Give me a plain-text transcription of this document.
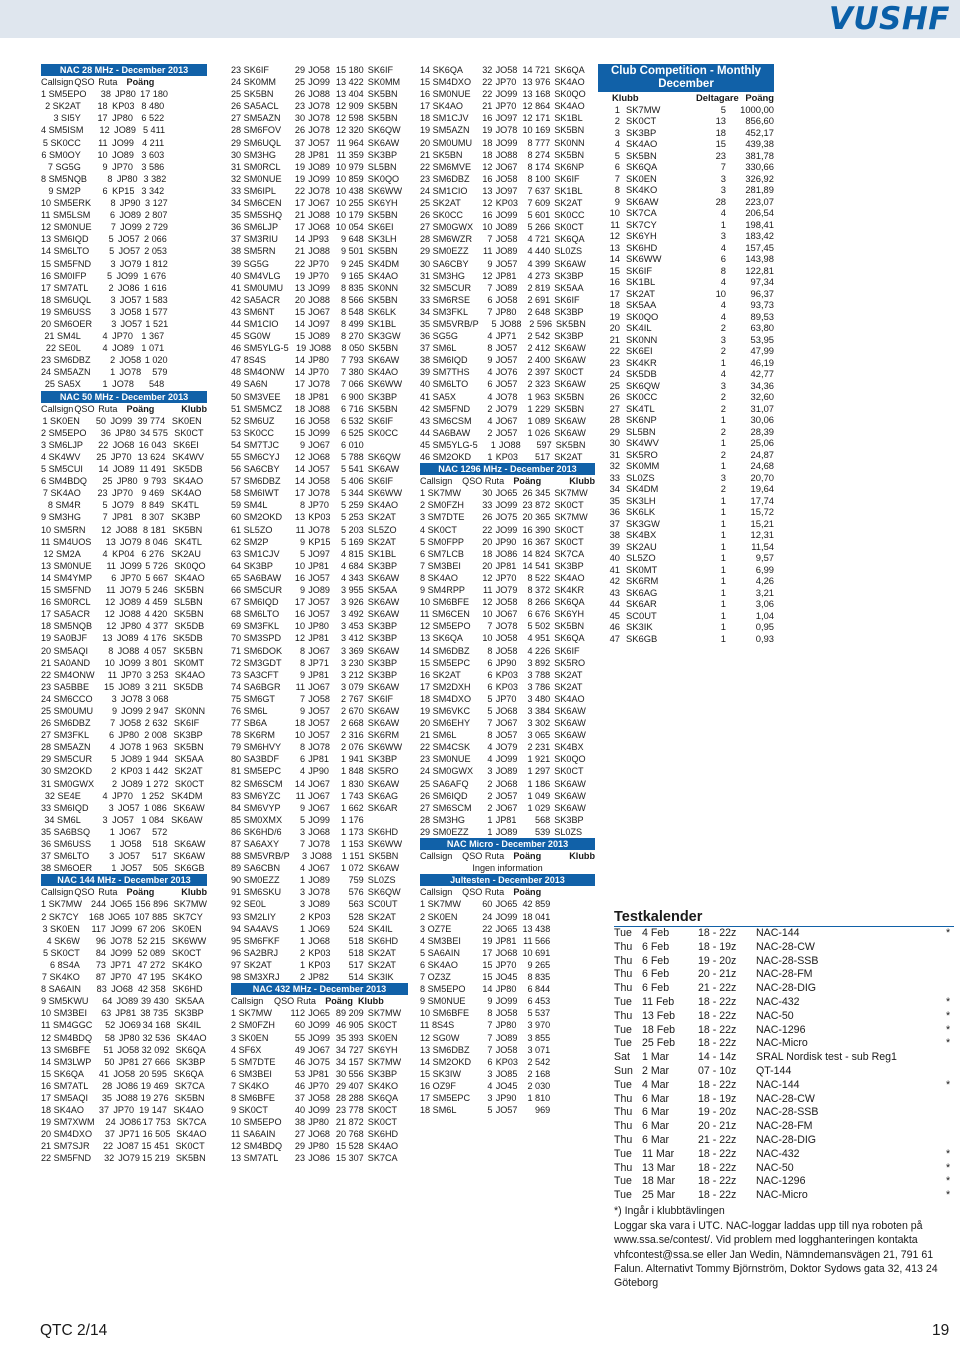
VUSHF
NAC 28 MHz - December 2013
Callsign QSO Ruta	Poäng
1 SM5EPO	38 JP80 17 180
2 SK2AT	18 KP03 8 480
3 SI5Y	17 JP80 6 522
4 SM5ISM	12 JO89 5 411
5 SK0CC	11 JO99 4 211
6 SM0OY	10 JO89 3 603
7 SG5G	9 JP70 3 586
8 SM5NQB	8 JP80 3 382
9 SM2P	6 KP15 3 342
10 SM5ERK	8 JP90 3 127
11 SM5LSM	6 JO89 2 807
12 SM0NUE	7 JO99 2 729
13 SM6IQD	5 JO57 2 066
14 SM6LTO	5 JO57 2 053
15 SM5FND	3 JO79 1 812
16 SM0IFP	5 JO99 1 676
17 SM7ATL	2 JO86 1 616
18 SM6UQL	3 JO57 1 583
19 SM6USS	3 JO58 1 577
20 SM6OER	3 JO57 1 521
21 SM4L	4 JP70 1 367
22 SE0L	4 JO89 1 071
23 SM6DBZ	2 JO58 1 020
24 SM5AZN	1 JO78	579
25 SA5X	1 JO78	548
NAC 50 MHz - December 2013
Callsign QSO Ruta	Poäng	Klubb
1 SK0EN	50 JO99 39 774 SK0EN
2 SM5EPO	36 JP80 34 575 SK0CT
3 SM6LJP	22 JO68 16 043 SK6EI
4 SK4WV	25 JP70 13 624 SK4WV
5 SM5CUI	14 JO89 11 491 SK5DB
6 SM4BDQ	25 JP80 9 793 SK4AO
7 SK4AO	23 JP70 9 469 SK4AO
8 SM4R	5 JO79 8 849 SK4TL
9 SM3HG	7 JP81 8 307 SK3BP
10 SM5RN	12 JO88 8 181 SK5BN
11 SM4UOS	13 JO79 8 046 SK4TL
12 SM2A	4 KP04 6 276 SK2AU
13 SM0NUE	11 JO99 5 726 SK0QO
14 SM4YMP	6 JP70 5 667 SK4AO
15 SM5FND	11 JO79 5 246 SK5BN
16 SM0RCL	12 JO89 4 459 SL5BN
17 SA5ACR	12 JO88 4 420 SK5BN
18 SM5NQB	12 JP80 4 377 SK5DB
19 SA0BJF	13 JO89 4 176 SK5DB
20 SM5AQI	8 JO88 4 057 SK5BN
21 SA0AND	10 JO99 3 801 SK0MT
22 SM4ONW	11 JP70 3 253 SK4AO
23 SA5BBE	15 JO89 3 211 SK5DB
24 SM6CCO	3 JO78 3 068
25 SM0UMU	9 JO99 2 947 SK0NN
26 SM6DBZ	7 JO58 2 632 SK6IF
27 SM3FKL	6 JP80 2 008 SK3BP
28 SM5AZN	4 JO78 1 963 SK5BN
29 SM5CUR	5 JO89 1 944 SK5AA
30 SM2OKD	2 KP03 1 442 SK2AT
31 SM0GWX	2 JO89 1 272 SK0CT
32 SE4E	4 JP70 1 252 SK4DM
33 SM6IQD	3 JO57 1 086 SK6AW
34 SM6L	3 JO57 1 084 SK6AW
35 SA6BSQ	1 JO67	572
36 SM6USS	1 JO58	518 SK6AW
37 SM6LTO	3 JO57	517 SK6AW
38 SM6OER	1 JO57	505 SK6GB
NAC 144 MHz - December 2013
Callsign QSO Ruta	Poäng	Klubb
1 SK7MW	244 JO65 156 896 SK7MW
2 SK7CY	168 JO65 107 885 SK7CY
3 SK0EN	117 JO99 67 206 SK0EN
4 SK6W	96 JO78 52 215 SK6WW
5 SK0CT	84 JO99 52 089 SK0CT
6 8S4A	73 JP71 47 272 SK4KO
7 SK4KO	87 JP70 47 195 SK4KO
8 SA6AIN	83 JO68 42 358 SK6HD
9 SM5KWU	64 JO89 39 430 SK5AA
10 SM3BEI	63 JP81 38 735 SK3BP
11 SM4GGC	52 JO69 34 168 SK4IL
12 SM4BDQ	58 JP80 32 536 SK4AO
13 SM6BFE	51 JO58 32 092 SK6QA
14 SM3LWP	50 JP81 27 666 SK3BP
15 SK6QA	41 JO58 20 595 SK6QA
16 SM7ATL	28 JO86 19 469 SK7CA
17 SM5AQI	35 JO88 19 276 SK5BN
18 SK4AO	37 JP70 19 147 SK4AO
19 SM7XWM	24 JO86 17 753 SK7CA
20 SM4DXO	37 JP71 16 505 SK4AO
21 SM7SJR	22 JO87 15 451 SK0CT
22 SM5FND	32 JO79 15 219 SK5BN
23 SK6IF	29 JO58 15 180 SK6IF
24 SK0MM	25 JO99 13 422 SK0MM
25 SK5BN	26 JO88 13 404 SK5BN
26 SA5ACL	23 JO78 12 909 SK5BN
27 SM5AZN	30 JO78 12 598 SK5BN
28 SM6FOV	26 JO78 12 320 SK6QW
29 SM6UQL	37 JO57 11 964 SK6AW
30 SM3HG	28 JP81 11 359 SK3BP
31 SM0RCL	19 JO89 10 979 SL5BN
32 SM0NUE	19 JO99 10 859 SK0QO
33 SM6IPL	22 JO78 10 438 SK6WW
34 SM6CEN	17 JO67 10 255 SK6YH
35 SM5SHQ	21 JO88 10 179 SK5BN
36 SM6LJP	17 JO68 10 054 SK6EI
37 SM3RIU	14 JP93	9 648 SK3LH
38 SM5RN	21 JO88	9 501 SK5BN
39 SG5G	22 JP70	9 245 SK4DM
40 SM4VLG	19 JP70	9 165 SK4AO
41 SM0UMU	13 JO99	8 835 SK0NN
42 SA5ACR	20 JO88	8 566 SK5BN
43 SM6NT	15 JO67	8 548 SK6LK
44 SM1CIO	14 JO97	8 499 SK1BL
45 SG0W	15 JO89	8 270 SK3GW
46 SM5YLG-5 19 JO88	8 050 SK5BN
47 8S4S	14 JP80	7 793 SK6AW
48 SM4ONW	14 JP70	7 380 SK4AO
49 SA6N	17 JO78	7 066 SK6WW
50 SM3VEE	18 JP81	6 900 SK3BP
51 SM5MCZ	18 JO88	6 716 SK5BN
52 SM6UZ	16 JO58	6 532 SK6IF
53 SK0CC	15 JO99	6 525 SK0CC
54 SM7TJC	9 JO67	6 010
55 SM6CYJ	12 JO68	5 788 SK6QW
56 SA6CBY	14 JO57	5 541 SK6AW
57 SM6DBZ	14 JO58	5 406 SK6IF
58 SM6IWT	17 JO78	5 344 SK6WW
59 SM4L	8 JP70	5 259 SK4AO
60 SM2OKD	13 KP03	5 253 SK2AT
61 SL5ZO	11 JO78	5 203 SL5ZO
62 SM2P	9 KP15	5 169 SK2AT
63 SM1CJV	5 JO97	4 815 SK1BL
64 SK3BP	10 JP81	4 684 SK3BP
65 SA6BAW	16 JO57	4 343 SK6AW
66 SM5CUR	9 JO89	3 955 SK5AA
67 SM6IQD	17 JO57	3 926 SK6AW
68 SM6LTO	16 JO57	3 492 SK6AW
69 SM3FKL	10 JP80	3 453 SK3BP
70 SM3SPD	12 JP81	3 412 SK3BP
71 SM6DOK	8 JO67	3 369 SK6AW
72 SM3GDT	8 JP71	3 230 SK3BP
73 SA3CFT	9 JP81	3 212 SK3BP
74 SA6BGR	11 JO67	3 079 SK6AW
75 SM6GT	7 JO58	2 767 SK6IF
76 SM6L	9 JO57	2 670 SK6AW
77 SB6A	18 JO57	2 668 SK6AW
78 SK6RM	10 JO57	2 316 SK6RM
79 SM6HVY	8 JO78	2 076 SK6WW
80 SA3BDF	6 JP81	1 941 SK3BP
81 SM5EPC	4 JP90	1 848 SK5RO
82 SM6SCM	14 JO67	1 830 SK6AW
83 SM6YZC	11 JO67	1 743 SK6AG
84 SM6VYP	9 JO67	1 662 SK6AR
85 SM0XMX	5 JO99	1 176
86 SK6HD/6	3 JO68	1 173 SK6HD
87 SA6AXY	7 JO78	1 153 SK6WW
88 SM5VRB/P	3 JO88	1 151 SK5BN
89 SA6CBN	4 JO67	1 072 SK6AW
90 SM0EZZ	1 JO89	759 SL0ZS
91 SM6SKU	3 JO78	576 SK6QW
92 SE0L	3 JO89	563 SC0UT
93 SM2LIY	2 KP03	528 SK2AT
94 SA4AVS	1 JO69	524 SK4IL
95 SM6FKF	1 JO68	518 SK6HD
96 SA2BRJ	2 KP03	518 SK2AT
97 SK2AT	1 KP03	517 SK2AT
98 SM3XRJ	2 JP82	514 SK3IK
NAC 432 MHz - December 2013
Callsign	QSO Ruta	Poäng Klubb
1 SK7MW	112 JO65 89 209 SK7MW
2 SM0FZH	60 JO99 46 905 SK0CT
3 SK0EN	55 JO99 35 393 SK0EN
4 SF6X	49 JO67 34 727 SK6YH
5 SM7DTE	46 JO75 34 157 SK7MW
6 SM3BEI	53 JP81 30 556 SK3BP
7 SK4KO	46 JP70 29 407 SK4KO
8 SM6BFE	37 JO58 28 288 SK6QA
9 SK0CT	40 JO99 23 778 SK0CT
10 SM5EPO	38 JP80 21 872 SK0CT
11 SA6AIN	27 JO68 20 768 SK6HD
12 SM4BDQ	29 JP80 15 528 SK4AO
13 SM7ATL	23 JO86 15 307 SK7CA
14 SK6QA	32 JO58 14 721 SK6QA
15 SM4DXO	22 JP70 13 976 SK4AO
16 SM0NUE	22 JO99 13 168 SK0QO
17 SK4AO	21 JP70 12 864 SK4AO
18 SM1CJV	16 JO97 12 171 SK1BL
19 SM5AZN	19 JO78 10 169 SK5BN
20 SM0UMU	18 JO99	8 777 SK0NN
21 SK5BN	18 JO88	8 274 SK5BN
22 SM6MVE	12 JO67	8 174 SK6NP
23 SM6DBZ	16 JO58	8 100 SK6IF
24 SM1CIO	13 JO97	7 637 SK1BL
25 SK2AT	12 KP03	7 609 SK2AT
26 SK0CC	16 JO99	5 601 SK0CC
27 SM0GWX	10 JO89	5 266 SK0CT
28 SM6WZR	7 JO58	4 721 SK6QA
29 SM0EZZ	11 JO89	4 440 SL0ZS
30 SA6CBY	9 JO57	4 399 SK6AW
31 SM3HG	12 JP81	4 273 SK3BP
32 SM5CUR	7 JO89	2 819 SK5AA
33 SM6RSE	6 JO58	2 691 SK6IF
34 SM3FKL	7 JP80	2 648 SK3BP
35 SM5VRB/P	5 JO88 2 596 SK5BN
36 SG5G	4 JP71	2 542 SK3BP
37 SM6L	8 JO57	2 412 SK6AW
38 SM6IQD	9 JO57	2 400 SK6AW
39 SM7THS	4 JO76	2 397 SK0CT
40 SM6LTO	6 JO57	2 323 SK6AW
41 SA5X	4 JO78	1 963 SK5BN
42 SM5FND	2 JO79	1 229 SK5BN
43 SM6CSM	4 JO67	1 089 SK6AW
44 SA6BAW	2 JO57	1 026 SK6AW
45 SM5YLG-5	1 JO88	597 SK5BN
46 SM2OKD	1 KP03	517 SK2AT
NAC 1296 MHz - December 2013
Callsign	QSO Ruta	Poäng	Klubb
1 SK7MW	30 JO65 26 345 SK7MW
2 SM0FZH	33 JO99 23 872 SK0CT
3 SM7DTE	26 JO75 20 365 SK7MW
4 SK0CT	22 JO99 16 390 SK0CT
5 SM0FPP	20 JP90 16 367 SK0CT
6 SM7LCB	18 JO86 14 824 SK7CA
7 SM3BEI	20 JP81 14 541 SK3BP
8 SK4AO	12 JP70	8 522 SK4AO
9 SM4RPP	11 JO79	8 372 SK4KR
10 SM6BFE	12 JO58	8 266 SK6QA
11 SM6CEN	10 JO67	6 676 SK6YH
12 SM5EPO	7 JO78	5 502 SK5BN
13 SK6QA	10 JO58	4 951 SK6QA
14 SM6DBZ	8 JO58	4 226 SK6IF
15 SM5EPC	6 JP90	3 892 SK5RO
16 SK2AT	6 KP03	3 788 SK2AT
17 SM2DXH	6 KP03	3 786 SK2AT
18 SM4DXO	5 JP70	3 480 SK4AO
19 SM6VKC	5 JO68	3 384 SK6AW
20 SM6EHY	7 JO67	3 302 SK6AW
21 SM6L	8 JO57	3 065 SK6AW
22 SM4CSK	4 JO79	2 231 SK4BX
23 SM0NUE	4 JO99	1 921 SK0QO
24 SM0GWX	3 JO89	1 297 SK0CT
25 SA6AFQ	2 JO68	1 186 SK6AW
26 SM6IQD	2 JO57	1 049 SK6AW
27 SM6SCM	2 JO67	1 029 SK6AW
28 SM3HG	1 JP81	568 SK3BP
29 SM0EZZ	1 JO89	539 SL0ZS
NAC Micro - December 2013
Callsign	QSO Ruta	Poäng	Klubb
Ingen information
Jultesten - December 2013
Callsign	QSO Ruta	Poäng
1 SK7MW	60 JO65 42 859
2 SK0EN	24 JO99 18 041
3 OZ7E	22 JO65 13 438
4 SM3BEI	19 JP81 11 566
5 SA6AIN	17 JO68 10 691
6 SK4AO	15 JP70	9 265
7 OZ3Z	15 JO45	8 835
8 SM5EPO	14 JP80	6 844
9 SM0NUE	9 JO99	6 453
10 SM6BFE	8 JO58	5 537
11 8S4S	7 JP80	3 970
12 SG0W	7 JO89	3 855
13 SM6DBZ	7 JO58	3 071
14 SM2OKD	6 KP03	2 542
15 SK3IW	3 JO85	2 168
16 OZ9F	4 JO45	2 030
17 SM5EPC	3 JP90	1 810
18 SM6L	5 JO57	969
Club Competition - Monthly December
Klubb	Deltagare Poäng
1 SK7MW	5	1000,00
2 SK0CT	13	856,60
3 SK3BP	18	452,17
4 SK4AO	15	439,38
5 SK5BN	23	381,78
6 SK6QA	7	330,66
7 SK0EN	3	326,92
8 SK4KO	3	281,89
9 SK6AW	28	223,07
10 SK7CA	4	206,54
11 SK7CY	1	198,41
12 SK6YH	3	183,42
13 SK6HD	4	157,45
14 SK6WW	6	143,98
15 SK6IF	8	122,81
16 SK1BL	4	97,34
17 SK2AT	10	96,37
18 SK5AA	4	93,73
19 SK0QO	4	89,53
20 SK4IL	2	63,80
21 SK0NN	3	53,95
22 SK6EI	2	47,99
23 SK4KR	1	46,19
24 SK5DB	4	42,77
25 SK6QW	3	34,36
26 SK0CC	2	32,60
27 SK4TL	2	31,07
28 SK6NP	1	30,06
29 SL5BN	2	28,39
30 SK4WV	1	25,06
31 SK5RO	2	24,87
32 SK0MM	1	24,68
33 SL0ZS	3	20,70
34 SK4DM	2	19,64
35 SK3LH	1	17,74
36 SK6LK	1	15,72
37 SK3GW	1	15,21
38 SK4BX	1	12,31
39 SK2AU	1	11,54
40 SL5ZO	1	9,57
41 SK0MT	1	6,99
42 SK6RM	1	4,26
43 SK6AG	1	3,21
44 SK6AR	1	3,06
45 SC0UT	1	1,04
46 SK3IK	1	0,95
47 SK6GB	1	0,93
Testkalender
Tue 4 Feb	18 - 22z	NAC-144	*
Thu 6 Feb	18 - 19z	NAC-28-CW
Thu 6 Feb	19 - 20z	NAC-28-SSB
Thu 6 Feb	20 - 21z	NAC-28-FM
Thu 6 Feb	21 - 22z	NAC-28-DIG
Tue 11 Feb	18 - 22z	NAC-432	*
Thu 13 Feb	18 - 22z	NAC-50	*
Tue 18 Feb	18 - 22z	NAC-1296	*
Tue 25 Feb	18 - 22z	NAC-Micro	*
Sat	1 Mar	14 - 14z	SRAL Nordisk test - sub Reg1
Sun 2 Mar	07 - 10z	QT-144
Tue 4 Mar	18 - 22z	NAC-144	*
Thu 6 Mar	18 - 19z	NAC-28-CW
Thu 6 Mar	19 - 20z	NAC-28-SSB
Thu 6 Mar	20 - 21z	NAC-28-FM
Thu 6 Mar	21 - 22z	NAC-28-DIG
Tue 11 Mar	18 - 22z	NAC-432	*
Thu 13 Mar	18 - 22z	NAC-50	*
Tue 18 Mar	18 - 22z	NAC-1296	*
Tue 25 Mar	18 - 22z	NAC-Micro	*
*) Ingår i klubbtävlingen
Loggar ska vara i UTC. NAC-loggar laddas upp till nya roboten på www.ssa.se/contest/. Vid problem med logghanteringen kontakta vhfcontest@ssa.se eller Jan Wedin, Nämndemansvägen 21, 791 61 Falun. Alternativt Tommy Björnström, Doktor Sydows gata 32, 413 24 Göteborg
QTC 2/14	19
